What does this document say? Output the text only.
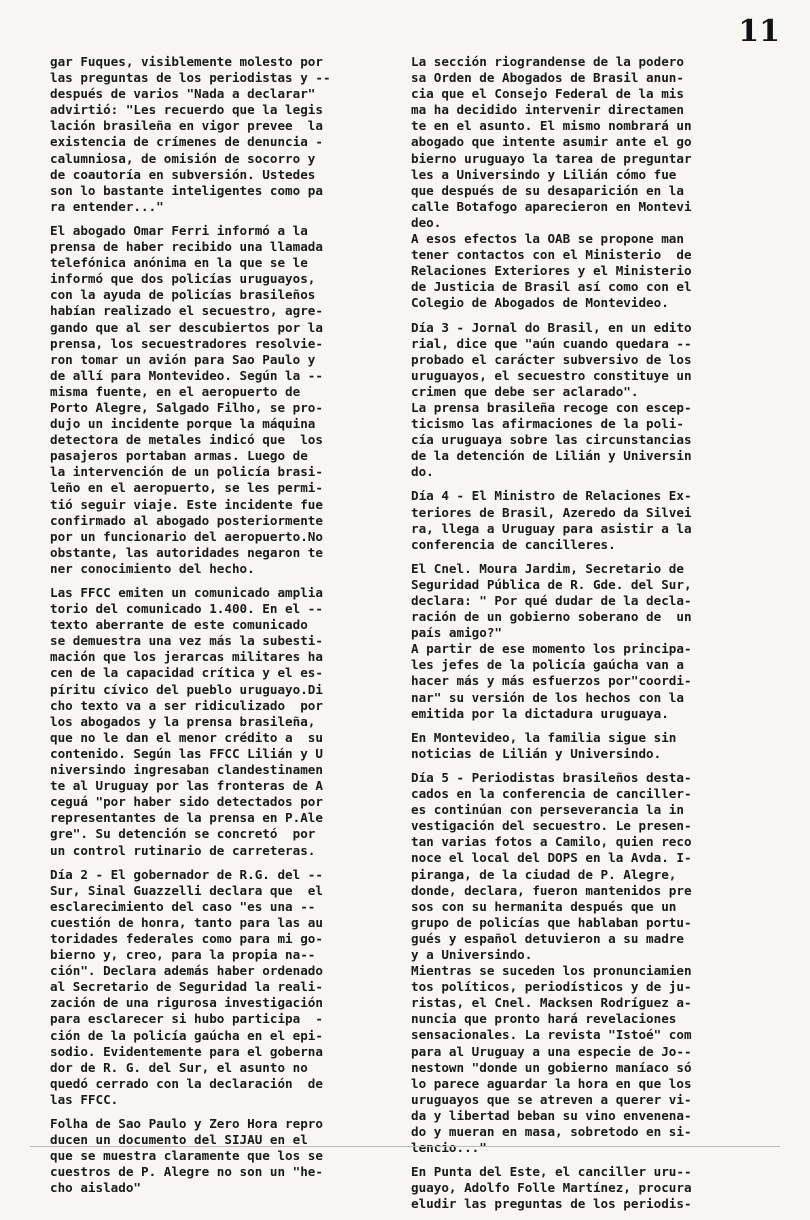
11
gar Fuques, visiblemente molesto por
las preguntas de los periodistas y --
después de varios "Nada a declarar"
advirtió: "Les recuerdo que la legis
lación brasileña en vigor prevee  la
existencia de crímenes de denuncia -
calumniosa, de omisión de socorro y
de coautoría en subversión. Ustedes
son lo bastante inteligentes como pa
ra entender..."
El abogado Omar Ferri informó a la
prensa de haber recibido una llamada
telefónica anónima en la que se le
informó que dos policías uruguayos,
con la ayuda de policías brasileños
habían realizado el secuestro, agre-
gando que al ser descubiertos por la
prensa, los secuestradores resolvie-
ron tomar un avión para Sao Paulo y
de allí para Montevideo. Según la --
misma fuente, en el aeropuerto de
Porto Alegre, Salgado Filho, se pro-
dujo un incidente porque la máquina
detectora de metales indicó que  los
pasajeros portaban armas. Luego de
la intervención de un policía brasi-
leño en el aeropuerto, se les permi-
tió seguir viaje. Este incidente fue
confirmado al abogado posteriormente
por un funcionario del aeropuerto.No
obstante, las autoridades negaron te
ner conocimiento del hecho.
Las FFCC emiten un comunicado amplia
torio del comunicado 1.400. En el --
texto aberrante de este comunicado
se demuestra una vez más la subesti-
mación que los jerarcas militares ha
cen de la capacidad crítica y el es-
píritu cívico del pueblo uruguayo.Di
cho texto va a ser ridiculizado  por
los abogados y la prensa brasileña,
que no le dan el menor crédito a  su
contenido. Según las FFCC Lilián y U
niversindo ingresaban clandestinamen
te al Uruguay por las fronteras de A
ceguá "por haber sido detectados por
representantes de la prensa en P.Ale
gre". Su detención se concretó  por
un control rutinario de carreteras.
Día 2 - El gobernador de R.G. del --
Sur, Sinal Guazzelli declara que  el
esclarecimiento del caso "es una --
cuestión de honra, tanto para las au
toridades federales como para mi go-
bierno y, creo, para la propia na--
ción". Declara además haber ordenado
al Secretario de Seguridad la reali-
zación de una rigurosa investigación
para esclarecer si hubo participa  -
ción de la policía gaúcha en el epi-
sodio. Evidentemente para el goberna
dor de R. G. del Sur, el asunto no
quedó cerrado con la declaración  de
las FFCC.
Folha de Sao Paulo y Zero Hora repro
ducen un documento del SIJAU en el
que se muestra claramente que los se
cuestros de P. Alegre no son un "he-
cho aislado"
La sección riograndense de la podero
sa Orden de Abogados de Brasil anun-
cia que el Consejo Federal de la mis
ma ha decidido intervenir directamen
te en el asunto. El mismo nombrará un
abogado que intente asumir ante el go
bierno uruguayo la tarea de preguntar
les a Universindo y Lilián cómo fue
que después de su desaparición en la
calle Botafogo aparecieron en Montevi
deo.
A esos efectos la OAB se propone man
tener contactos con el Ministerio  de
Relaciones Exteriores y el Ministerio
de Justicia de Brasil así como con el
Colegio de Abogados de Montevideo.
Día 3 - Jornal do Brasil, en un edito
rial, dice que "aún cuando quedara --
probado el carácter subversivo de los
uruguayos, el secuestro constituye un
crimen que debe ser aclarado".
La prensa brasileña recoge con escep-
ticismo las afirmaciones de la poli-
cía uruguaya sobre las circunstancias
de la detención de Lilián y Universin
do.
Día 4 - El Ministro de Relaciones Ex-
teriores de Brasil, Azeredo da Silvei
ra, llega a Uruguay para asistir a la
conferencia de cancilleres.
El Cnel. Moura Jardim, Secretario de
Seguridad Pública de R. Gde. del Sur,
declara: " Por qué dudar de la decla-
ración de un gobierno soberano de  un
país amigo?"
A partir de ese momento los principa-
les jefes de la policía gaúcha van a
hacer más y más esfuerzos por"coordi-
nar" su versión de los hechos con la
emitida por la dictadura uruguaya.
En Montevideo, la familia sigue sin
noticias de Lilián y Universindo.
Día 5 - Periodistas brasileños desta-
cados en la conferencia de canciller-
es continúan con perseverancia la in
vestigación del secuestro. Le presen-
tan varias fotos a Camilo, quien reco
noce el local del DOPS en la Avda. I-
piranga, de la ciudad de P. Alegre,
donde, declara, fueron mantenidos pre
sos con su hermanita después que un
grupo de policías que hablaban portu-
gués y español detuvieron a su madre
y a Universindo.
Mientras se suceden los pronunciamien
tos políticos, periodísticos y de ju-
ristas, el Cnel. Macksen Rodríguez a-
nuncia que pronto hará revelaciones
sensacionales. La revista "Istoé" com
para al Uruguay a una especie de Jo--
nestown "donde un gobierno maníaco só
lo parece aguardar la hora en que los
uruguayos que se atreven a querer vi-
da y libertad beban su vino envenena-
do y mueran en masa, sobretodo en si-
lencio..."
En Punta del Este, el canciller uru--
guayo, Adolfo Folle Martínez, procura
eludir las preguntas de los periodis-
